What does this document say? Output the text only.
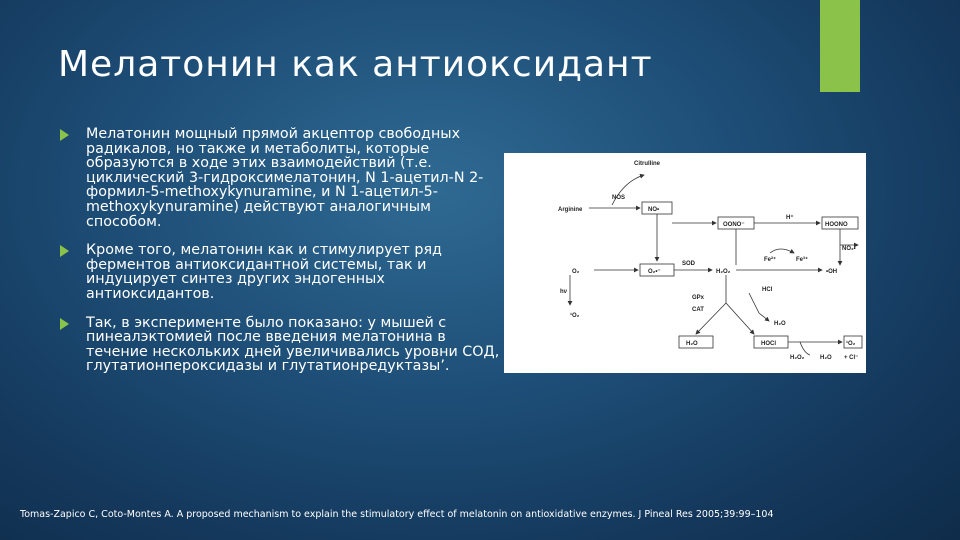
Мелатонин как антиоксидант
Мелатонин мощный прямой акцептор свободных радикалов, но также и метаболиты, которые образуются в ходе этих взаимодействий (т.е. циклический 3-гидроксимелатонин, N 1-ацетил-N 2-формил-5-methoxykynuramine, и N 1-ацетил-5-methoxykynuramine) действуют аналогичным способом.
Кроме того, мелатонин как и стимулирует ряд ферментов антиоксидантной системы, так и индуцирует синтез других эндогенных антиоксидантов.
Так, в эксперименте было показано: у мышей с пинеалэктомией после введения мелатонина в течение нескольких дней увеличивались уровни СОД, глутатионпероксидазы и глутатионредуктазы’.
Citrulline
Arginine
NOS
NO•
OONO⁻
H⁺
HOONO
NO₂•
O₂	O₂•⁻
SOD
H₂O₂
Fe²⁺	Fe³⁺
•OH
hν
¹O₂
GPx
CAT
HCl
H₂O
H₂O	HOCl	¹O₂
+ Cl⁻
H₂O₂	H₂O
Tomas-Zapico C, Coto-Montes A. A proposed mechanism to explain the stimulatory effect of melatonin on antioxidative enzymes. J Pineal Res 2005;39:99–104
